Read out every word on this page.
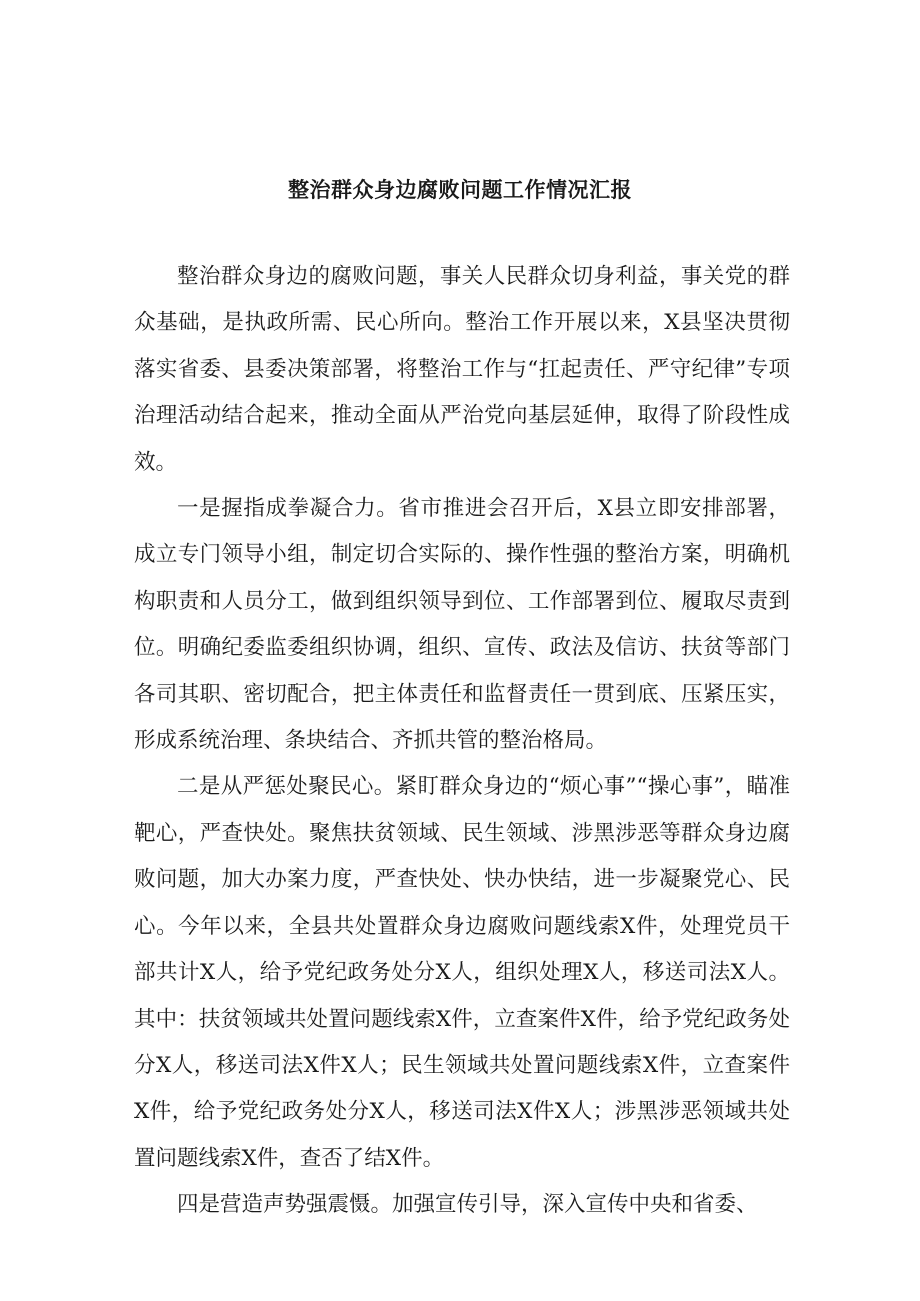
整治群众身边腐败问题工作情况汇报

整治群众身边的腐败问题，事关人民群众切身利益，事关党的群众基础，是执政所需、民心所向。整治工作开展以来，X县坚决贯彻落实省委、县委决策部署，将整治工作与“扛起责任、严守纪律”专项治理活动结合起来，推动全面从严治党向基层延伸，取得了阶段性成效。

一是握指成拳凝合力。省市推进会召开后，X县立即安排部署，成立专门领导小组，制定切合实际的、操作性强的整治方案，明确机构职责和人员分工，做到组织领导到位、工作部署到位、履取尽责到位。明确纪委监委组织协调，组织、宣传、政法及信访、扶贫等部门各司其职、密切配合，把主体责任和监督责任一贯到底、压紧压实，形成系统治理、条块结合、齐抓共管的整治格局。

二是从严惩处聚民心。紧盯群众身边的“烦心事”“操心事”，瞄准靶心，严查快处。聚焦扶贫领域、民生领域、涉黑涉恶等群众身边腐败问题，加大办案力度，严查快处、快办快结，进一步凝聚党心、民心。今年以来，全县共处置群众身边腐败问题线索X件，处理党员干部共计X人，给予党纪政务处分X人，组织处理X人，移送司法X人。其中：扶贫领域共处置问题线索X件，立查案件X件，给予党纪政务处分X人，移送司法X件X人；民生领域共处置问题线索X件，立查案件X件，给予党纪政务处分X人，移送司法X件X人；涉黑涉恶领域共处置问题线索X件，查否了结X件。

四是营造声势强震慑。加强宣传引导，深入宣传中央和省委、
